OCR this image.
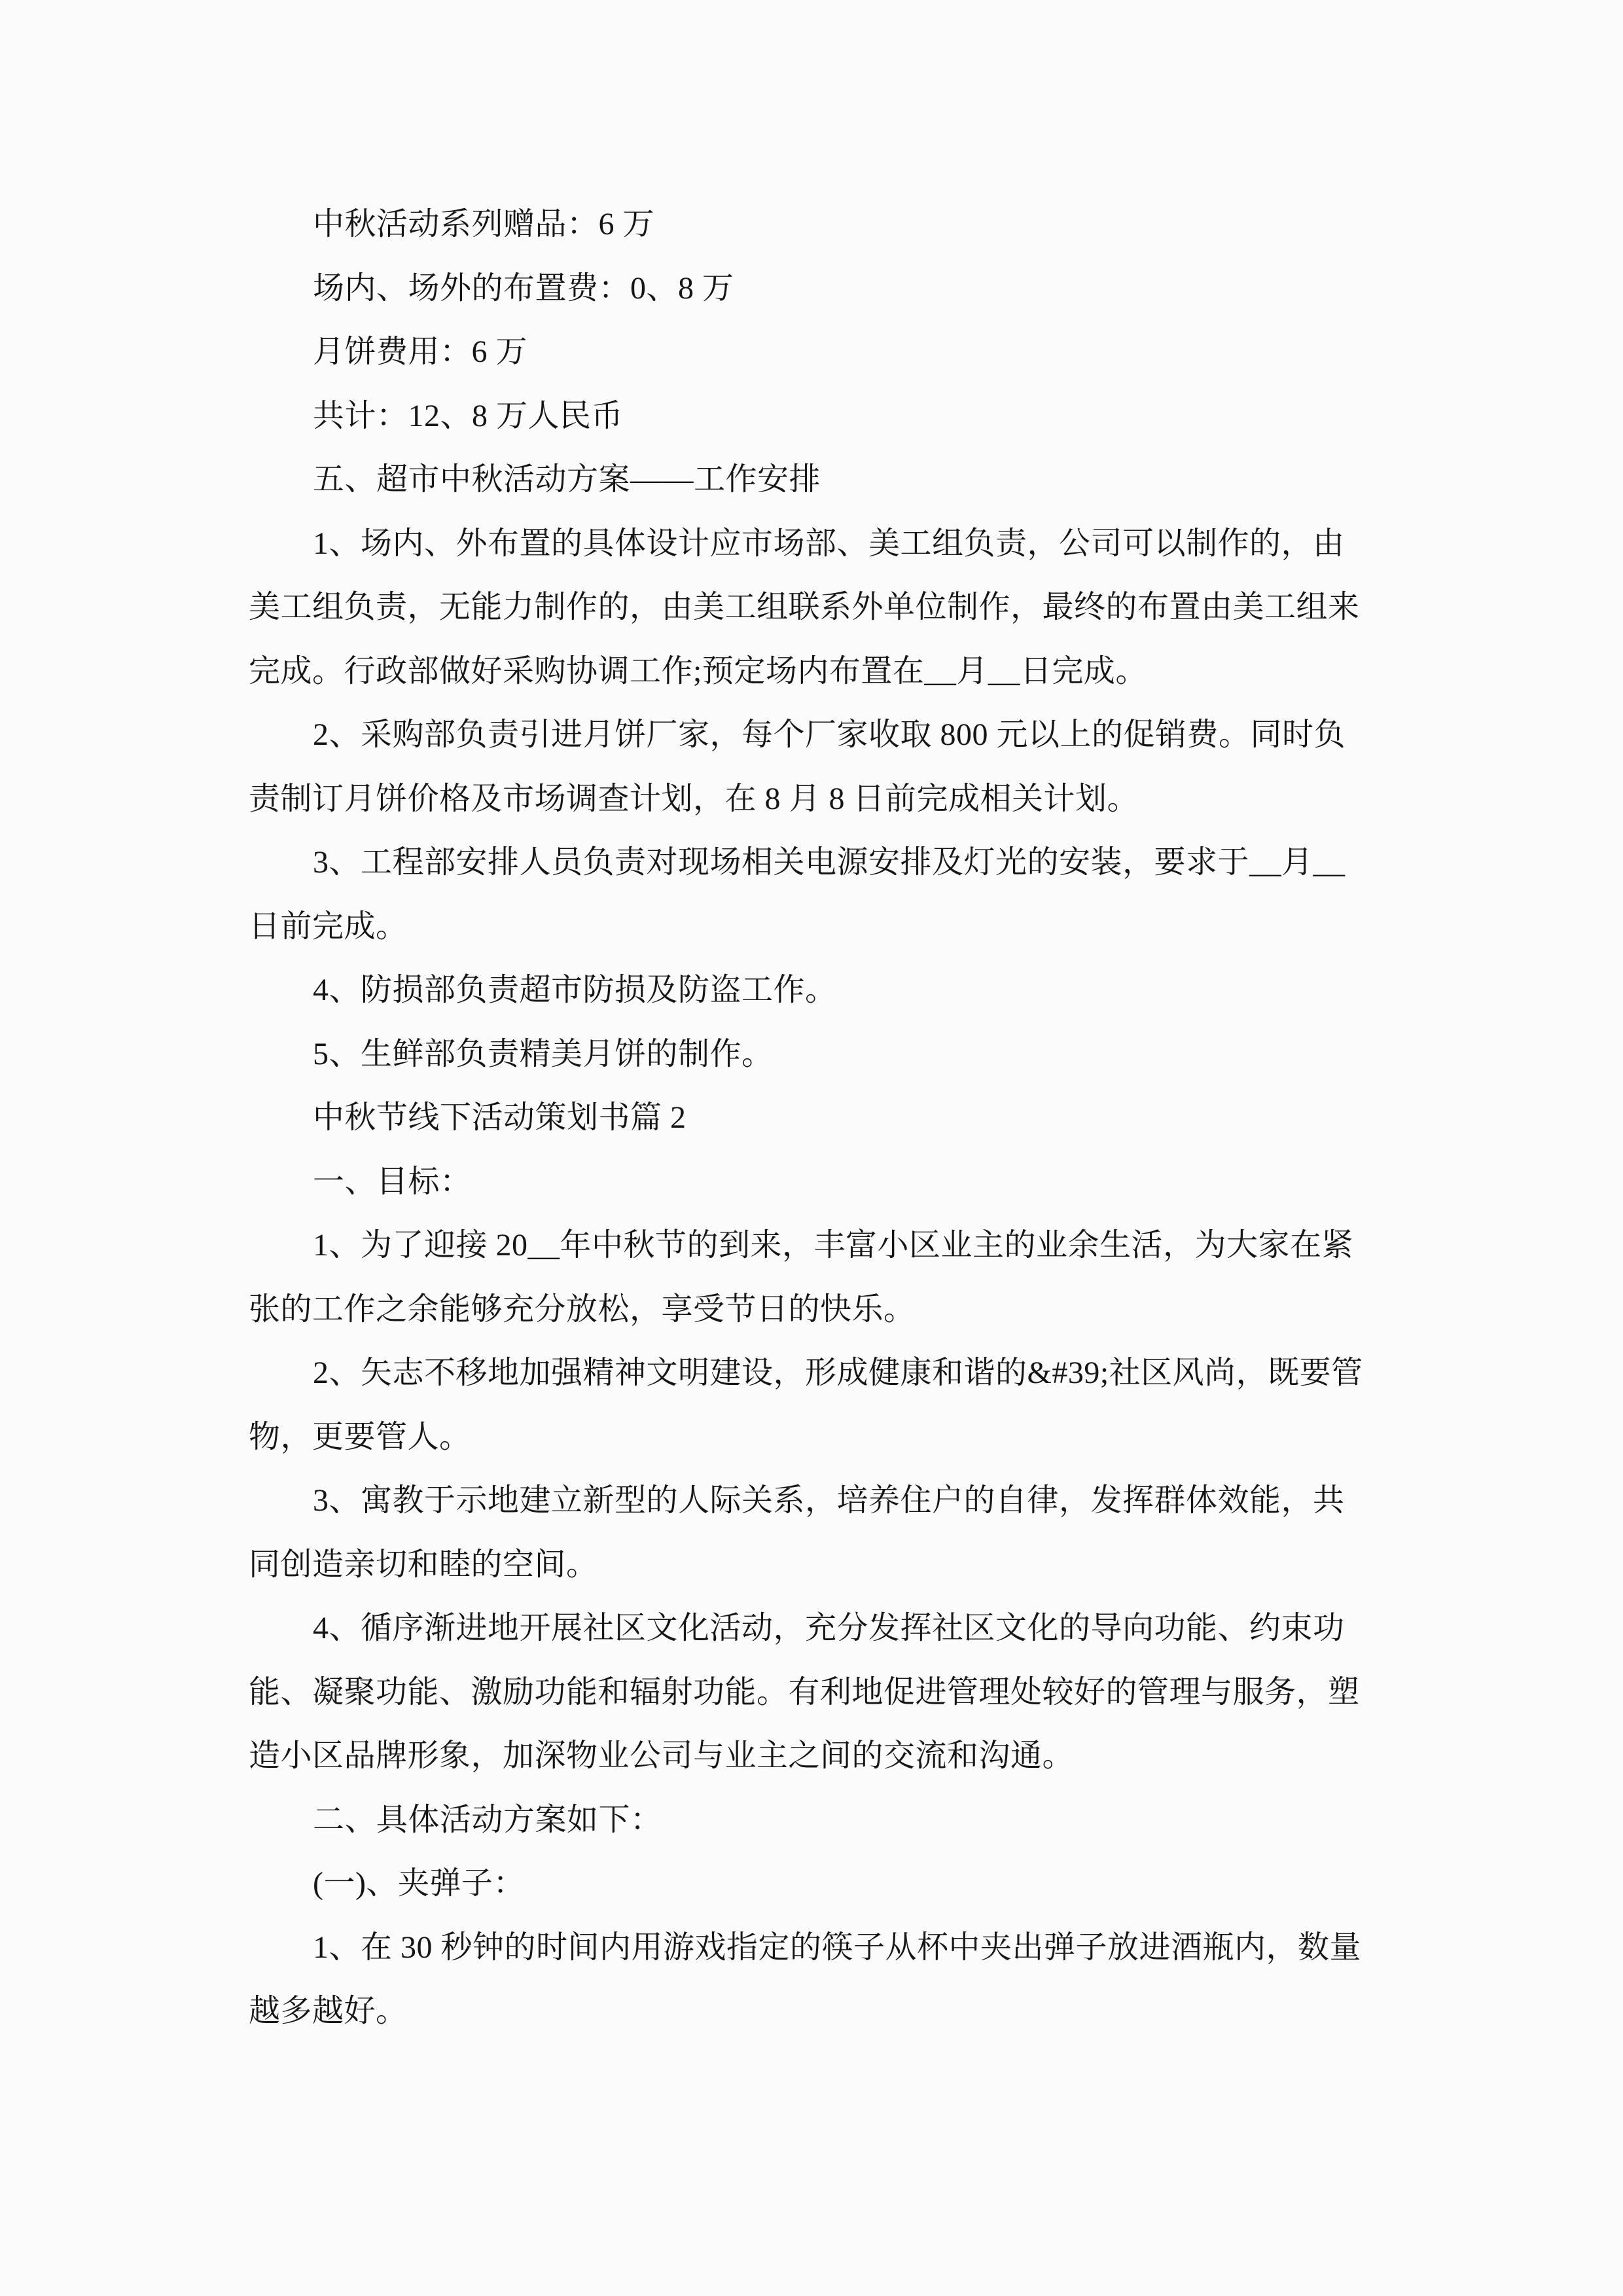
中秋活动系列赠品：6 万
场内、场外的布置费：0、8 万
月饼费用：6 万
共计：12、8 万人民币
五、超市中秋活动方案——工作安排
1、场内、外布置的具体设计应市场部、美工组负责，公司可以制作的，由
美工组负责，无能力制作的，由美工组联系外单位制作，最终的布置由美工组来
完成。行政部做好采购协调工作;预定场内布置在__月__日完成。
2、采购部负责引进月饼厂家，每个厂家收取 800 元以上的促销费。同时负
责制订月饼价格及市场调查计划，在 8 月 8 日前完成相关计划。
3、工程部安排人员负责对现场相关电源安排及灯光的安装，要求于__月__
日前完成。
4、防损部负责超市防损及防盗工作。
5、生鲜部负责精美月饼的制作。
中秋节线下活动策划书篇 2
一、目标：
1、为了迎接 20__年中秋节的到来，丰富小区业主的业余生活，为大家在紧
张的工作之余能够充分放松，享受节日的快乐。
2、矢志不移地加强精神文明建设，形成健康和谐的&#39;社区风尚，既要管
物，更要管人。
3、寓教于示地建立新型的人际关系，培养住户的自律，发挥群体效能，共
同创造亲切和睦的空间。
4、循序渐进地开展社区文化活动，充分发挥社区文化的导向功能、约束功
能、凝聚功能、激励功能和辐射功能。有利地促进管理处较好的管理与服务，塑
造小区品牌形象，加深物业公司与业主之间的交流和沟通。
二、具体活动方案如下：
(一)、夹弹子：
1、在 30 秒钟的时间内用游戏指定的筷子从杯中夹出弹子放进酒瓶内，数量
越多越好。
